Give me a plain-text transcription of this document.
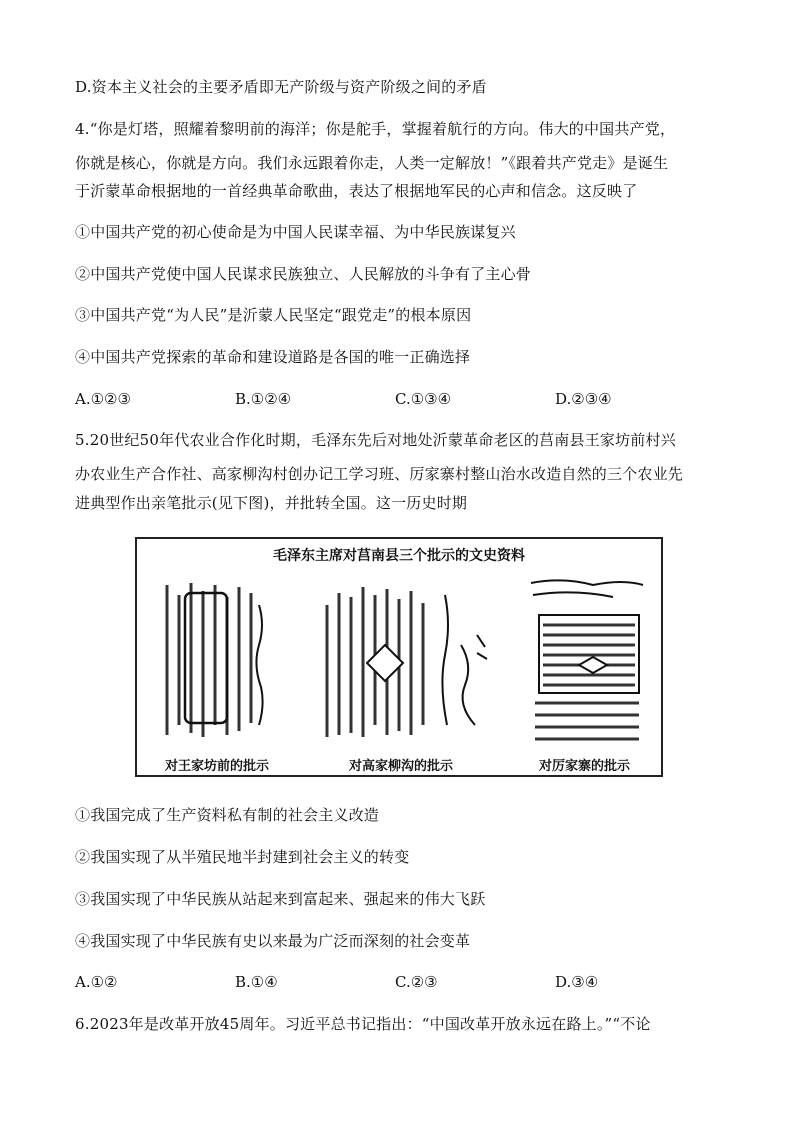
D.资本主义社会的主要矛盾即无产阶级与资产阶级之间的矛盾
4.“你是灯塔，照耀着黎明前的海洋；你是舵手，掌握着航行的方向。伟大的中国共产党，
你就是核心，你就是方向。我们永远跟着你走，人类一定解放！”《跟着共产党走》是诞生
于沂蒙革命根据地的一首经典革命歌曲，表达了根据地军民的心声和信念。这反映了
①中国共产党的初心使命是为中国人民谋幸福、为中华民族谋复兴
②中国共产党使中国人民谋求民族独立、人民解放的斗争有了主心骨
③中国共产党“为人民”是沂蒙人民坚定“跟党走”的根本原因
④中国共产党探索的革命和建设道路是各国的唯一正确选择
A.①②③	B.①②④	C.①③④	D.②③④
5.20世纪50年代农业合作化时期，毛泽东先后对地处沂蒙革命老区的莒南县王家坊前村兴
办农业生产合作社、高家柳沟村创办记工学习班、厉家寨村整山治水改造自然的三个农业先
进典型作出亲笔批示(见下图)，并批转全国。这一历史时期
毛泽东主席对莒南县三个批示的文史资料
对王家坊前的批示	对高家柳沟的批示	对厉家寨的批示
①我国完成了生产资料私有制的社会主义改造
②我国实现了从半殖民地半封建到社会主义的转变
③我国实现了中华民族从站起来到富起来、强起来的伟大飞跃
④我国实现了中华民族有史以来最为广泛而深刻的社会变革
A.①②	B.①④	C.②③	D.③④
6.2023年是改革开放45周年。习近平总书记指出：“中国改革开放永远在路上。”“不论
